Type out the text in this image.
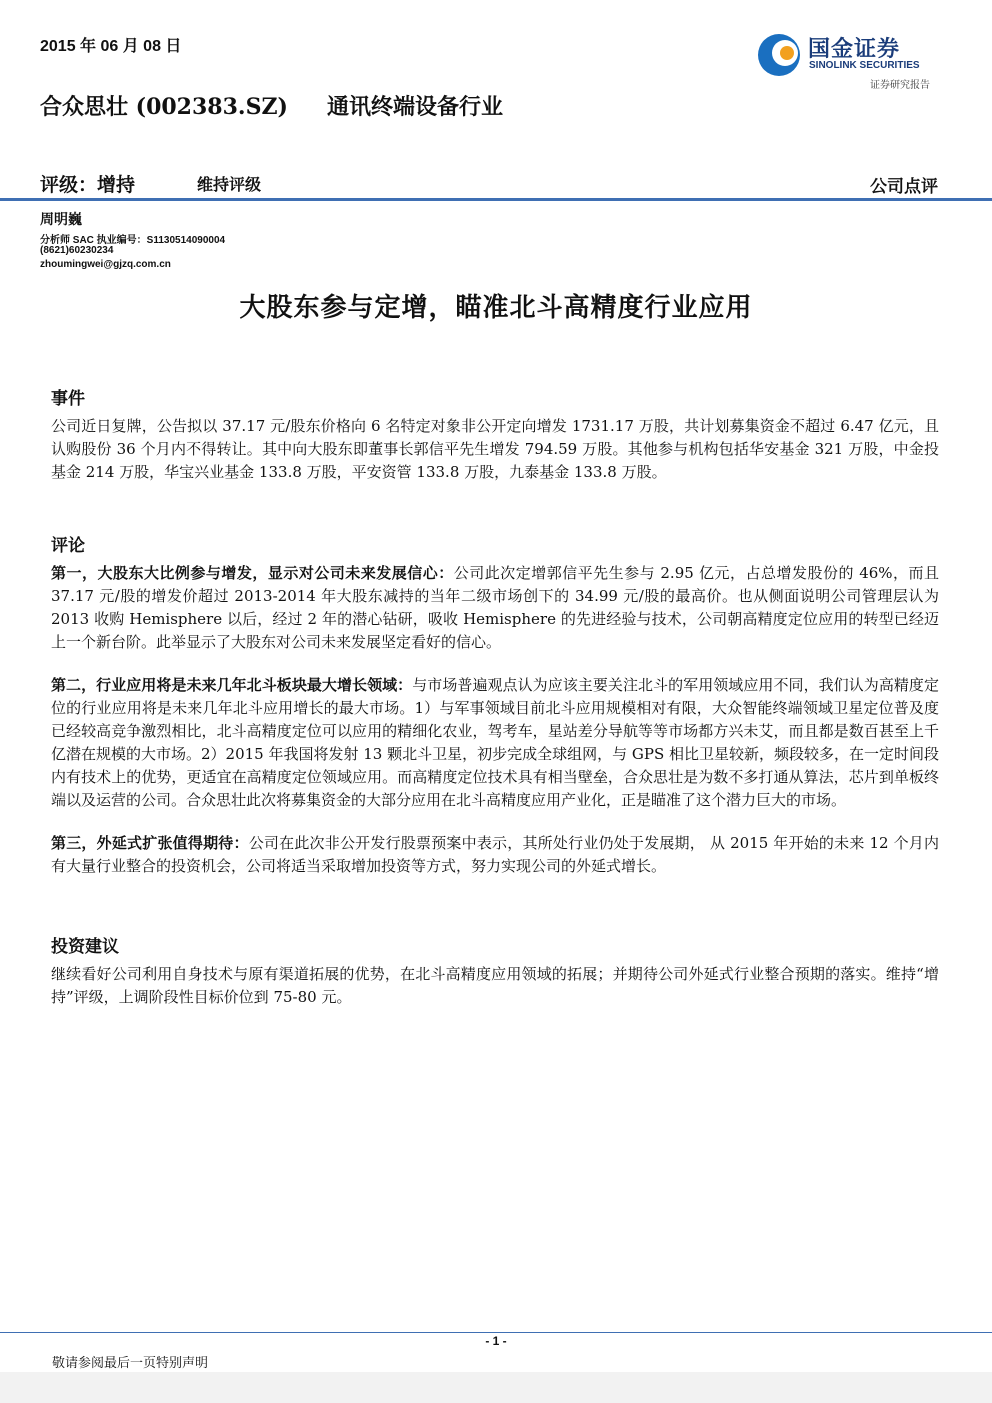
2015 年 06 月 08 日	国金证券
SINOLINK SECURITIES
证券研究报告
合众思壮 (002383.SZ) 通讯终端设备行业
评级：增持	维持评级	公司点评
周明巍
分析师 SAC 执业编号：S1130514090004
(8621)60230234
zhoumingwei@gjzq.com.cn
大股东参与定增，瞄准北斗高精度行业应用
事件

公司近日复牌，公告拟以 37.17 元/股东价格向 6 名特定对象非公开定向增发 1731.17 万股，共计划募集资金不超过 6.47 亿元，且认购股份 36 个月内不得转让。其中向大股东即董事长郭信平先生增发 794.59 万股。其他参与机构包括华安基金 321 万股，中金投基金 214 万股，华宝兴业基金 133.8 万股，平安资管 133.8 万股，九泰基金 133.8 万股。

评论

第一，大股东大比例参与增发，显示对公司未来发展信心：公司此次定增郭信平先生参与 2.95 亿元，占总增发股份的 46%，而且 37.17 元/股的增发价超过 2013-2014 年大股东减持的当年二级市场创下的 34.99 元/股的最高价。也从侧面说明公司管理层认为 2013 收购 Hemisphere 以后，经过 2 年的潜心钻研，吸收 Hemisphere 的先进经验与技术，公司朝高精度定位应用的转型已经迈上一个新台阶。此举显示了大股东对公司未来发展坚定看好的信心。

第二，行业应用将是未来几年北斗板块最大增长领域：与市场普遍观点认为应该主要关注北斗的军用领域应用不同，我们认为高精度定位的行业应用将是未来几年北斗应用增长的最大市场。1）与军事领域目前北斗应用规模相对有限，大众智能终端领域卫星定位普及度已经较高竞争激烈相比，北斗高精度定位可以应用的精细化农业，驾考车，星站差分导航等等市场都方兴未艾，而且都是数百甚至上千亿潜在规模的大市场。2）2015 年我国将发射 13 颗北斗卫星，初步完成全球组网，与 GPS 相比卫星较新，频段较多，在一定时间段内有技术上的优势，更适宜在高精度定位领域应用。而高精度定位技术具有相当壁垒，合众思壮是为数不多打通从算法，芯片到单板终端以及运营的公司。合众思壮此次将募集资金的大部分应用在北斗高精度应用产业化，正是瞄准了这个潜力巨大的市场。

第三，外延式扩张值得期待：公司在此次非公开发行股票预案中表示，其所处行业仍处于发展期， 从 2015 年开始的未来 12 个月内有大量行业整合的投资机会，公司将适当采取增加投资等方式，努力实现公司的外延式增长。

投资建议

继续看好公司利用自身技术与原有渠道拓展的优势，在北斗高精度应用领域的拓展；并期待公司外延式行业整合预期的落实。维持“增持”评级，上调阶段性目标价位到 75-80 元。

- 1 -
敬请参阅最后一页特别声明
